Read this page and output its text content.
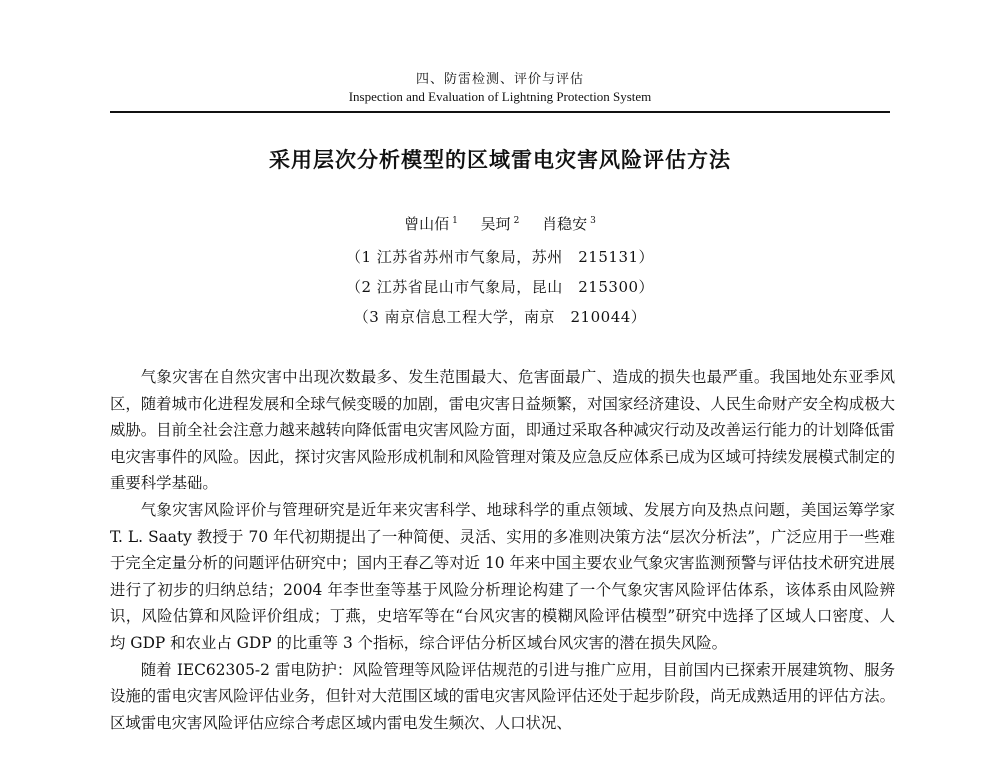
四、防雷检测、评价与评估
Inspection and Evaluation of Lightning Protection System
采用层次分析模型的区域雷电灾害风险评估方法
曾山佰 $^1$ 吴珂 $^2$ 肖稳安 $^3$
（1 江苏省苏州市气象局，苏州　215131）
（2 江苏省昆山市气象局，昆山　215300）
（3 南京信息工程大学，南京　210044）

气象灾害在自然灾害中出现次数最多、发生范围最大、危害面最广、造成的损失也最严重。我国地处东亚季风区，随着城市化进程发展和全球气候变暖的加剧，雷电灾害日益频繁，对国家经济建设、人民生命财产安全构成极大威胁。目前全社会注意力越来越转向降低雷电灾害风险方面，即通过采取各种减灾行动及改善运行能力的计划降低雷电灾害事件的风险。因此，探讨灾害风险形成机制和风险管理对策及应急反应体系已成为区域可持续发展模式制定的重要科学基础。

气象灾害风险评价与管理研究是近年来灾害科学、地球科学的重点领域、发展方向及热点问题，美国运筹学家 T. L. Saaty 教授于 70 年代初期提出了一种简便、灵活、实用的多准则决策方法“层次分析法”，广泛应用于一些难于完全定量分析的问题评估研究中；国内王春乙等对近 10 年来中国主要农业气象灾害监测预警与评估技术研究进展进行了初步的归纳总结；2004 年李世奎等基于风险分析理论构建了一个气象灾害风险评估体系，该体系由风险辨识，风险估算和风险评价组成；丁燕，史培军等在“台风灾害的模糊风险评估模型”研究中选择了区域人口密度、人均 GDP 和农业占 GDP 的比重等 3 个指标，综合评估分析区域台风灾害的潜在损失风险。

随着 IEC62305-2 雷电防护：风险管理等风险评估规范的引进与推广应用，目前国内已探索开展建筑物、服务设施的雷电灾害风险评估业务，但针对大范围区域的雷电灾害风险评估还处于起步阶段，尚无成熟适用的评估方法。区域雷电灾害风险评估应综合考虑区域内雷电发生频次、人口状况、
